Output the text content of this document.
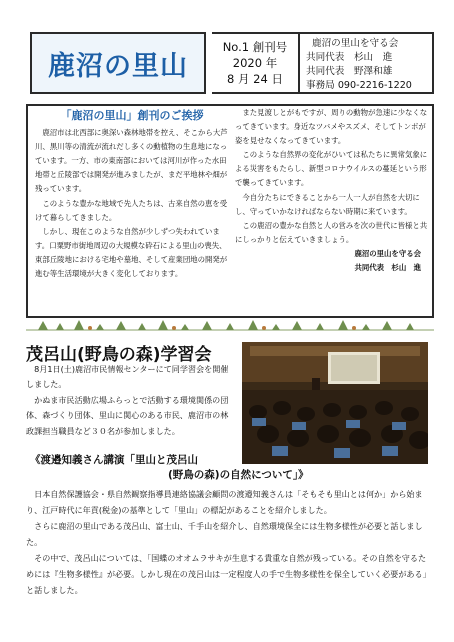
鹿沼の里山
No.1 創刊号
2020 年
8 月 24 日
鹿沼の里山を守る会
共同代表　杉山　進
共同代表　野澤和雄
事務局 090-2216-1220
「鹿沼の里山」創刊のご挨拶

鹿沼市は北西部に奥深い森林地帯を控え、そこから大芦川、黒川等の清流が流れだし多くの動植物の生息地になっています。一方、市の東南部においては河川が作った水田地帯と丘陵部では開発が進みましたが、まだ平地林や畑が残っています。

このような豊かな地域で先人たちは、古来自然の恵を受けて暮らしてきました。

しかし、現在このような自然が少しずつ失われています。口粟野市街地周辺の大規模な砕石による里山の喪失、東部丘陵地における宅地や墓地、そして産業団地の開発が進む等生活環境が大きく変化しております。

また見渡しとがもですが、周りの動物が急速に少なくなってきています。身近なツバメやスズメ、そしてトンボが姿を見せなくなってきています。

このような自然界の変化がひいては私たちに異常気象による災害をもたらし、新型コロナウイルスの蔓延という形で襲ってきています。

今自分たちにできることから一人一人が自然を大切にし、守っていかなければならない時期に来ています。

この鹿沼の豊かな自然と人の営みを次の世代に皆様と共にしっかりと伝えていきましょう。

鹿沼の里山を守る会
共同代表　杉山　進
茂呂山(野鳥の森)学習会

8月1日(土)鹿沼市民情報センターにて同学習会を開催しました。

かぬま市民活動広場ふらっとで活動する環境関係の団体、森づくり団体、里山に関心のある市民、鹿沼市の林政課担当職員など３０名が参加しました。

《渡邉知義さん講演「里山と茂呂山
(野鳥の森)の自然について」》

日本自然保護協会・県自然観察指導員連絡協議会顧問の渡邉知義さんは「そもそも里山とは何か」から始まり、江戸時代に年貢(税金)の基準として「里山」の標記があることを紹介しました。

さらに鹿沼の里山である茂呂山、富士山、千手山を紹介し、自然環境保全には生物多様性が必要と話しました。

その中で、茂呂山については、「国蝶のオオムラサキが生息する貴重な自然が残っている。その自然を守るためには『生物多様性』が必要。しかし現在の茂呂山は一定程度人の手で生物多様性を保全していく必要がある」と話しました。
